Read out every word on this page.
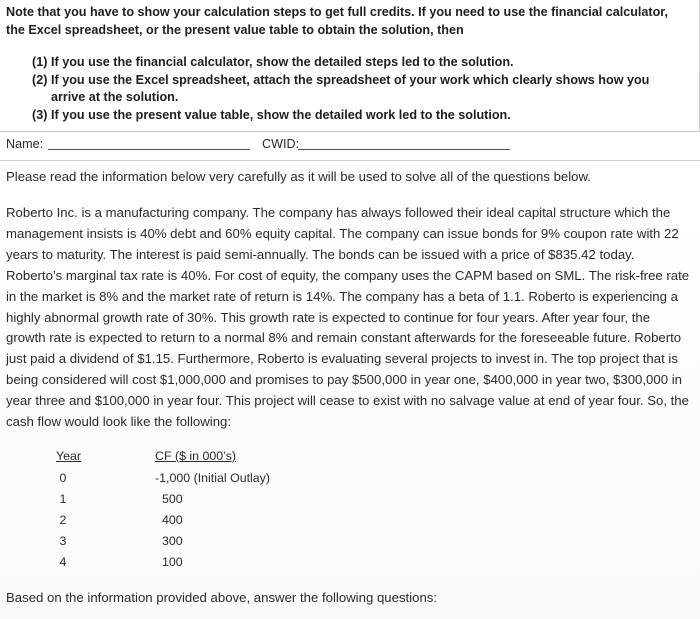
Note that you have to show your calculation steps to get full credits. If you need to use the financial calculator, the Excel spreadsheet, or the present value table to obtain the solution, then
(1) If you use the financial calculator, show the detailed steps led to the solution.
(2) If you use the Excel spreadsheet, attach the spreadsheet of your work which clearly shows how you arrive at the solution.
(3) If you use the present value table, show the detailed work led to the solution.
Name:	CWID:

Please read the information below very carefully as it will be used to solve all of the questions below.

Roberto Inc. is a manufacturing company. The company has always followed their ideal capital structure which the management insists is 40% debt and 60% equity capital. The company can issue bonds for 9% coupon rate with 22 years to maturity. The interest is paid semi-annually. The bonds can be issued with a price of $835.42 today. Roberto’s marginal tax rate is 40%. For cost of equity, the company uses the CAPM based on SML. The risk-free rate in the market is 8% and the market rate of return is 14%. The company has a beta of 1.1. Roberto is experiencing a highly abnormal growth rate of 30%. This growth rate is expected to continue for four years. After year four, the growth rate is expected to return to a normal 8% and remain constant afterwards for the foreseeable future. Roberto just paid a dividend of $1.15. Furthermore, Roberto is evaluating several projects to invest in. The top project that is being considered will cost $1,000,000 and promises to pay $500,000 in year one, $400,000 in year two, $300,000 in year three and $100,000 in year four. This project will cease to exist with no salvage value at end of year four. So, the cash flow would look like the following:

Year	CF ($ in 000’s)
0	-1,000 (Initial Outlay)
1	500
2	400
3	300
4	100

Based on the information provided above, answer the following questions:
